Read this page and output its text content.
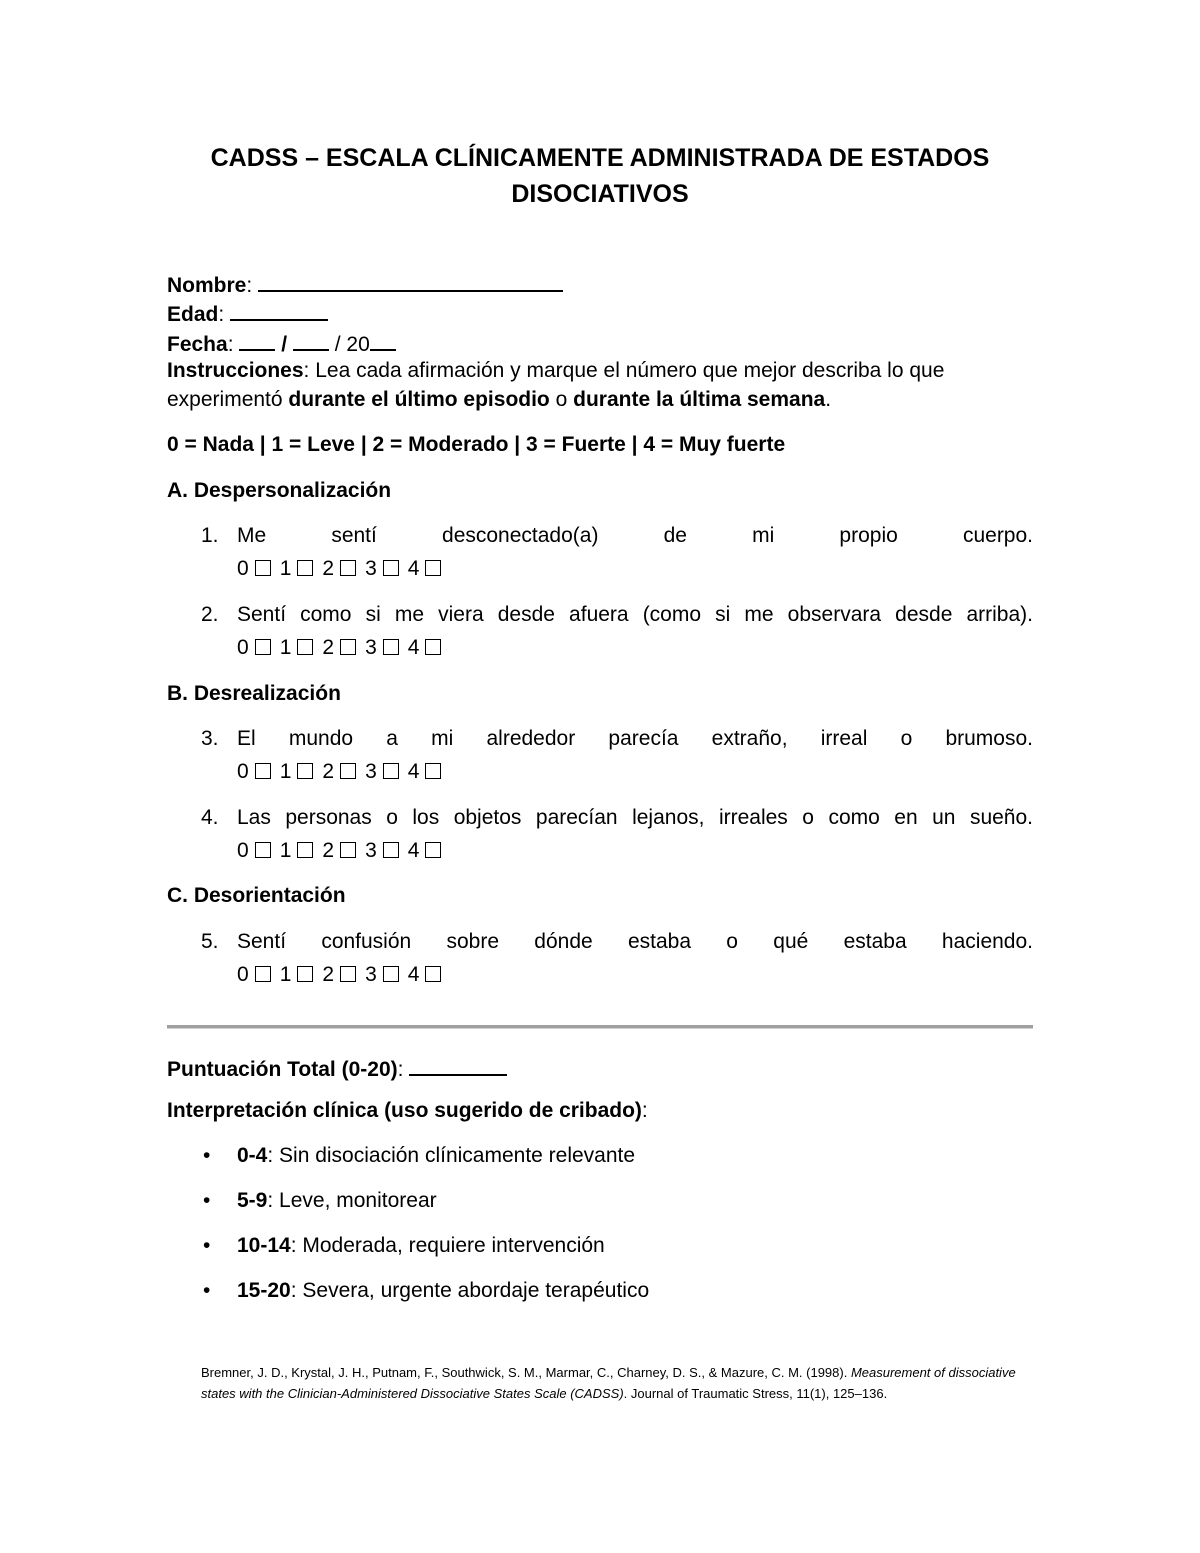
CADSS – ESCALA CLÍNICAMENTE ADMINISTRADA DE ESTADOS
DISOCIATIVOS
Nombre:
Edad:
Fecha: / / 20
Instrucciones: Lea cada afirmación y marque el número que mejor describa lo que
experimentó durante el último episodio o durante la última semana.
0 = Nada | 1 = Leve | 2 = Moderado | 3 = Fuerte | 4 = Muy fuerte
A. Despersonalización
1. Me sentí desconectado(a) de mi propio cuerpo.
0 1 2 3 4
2. Sentí como si me viera desde afuera (como si me observara desde arriba).
0 1 2 3 4
B. Desrealización
3. El mundo a mi alrededor parecía extraño, irreal o brumoso.
0 1 2 3 4
4. Las personas o los objetos parecían lejanos, irreales o como en un sueño.
0 1 2 3 4
C. Desorientación
5. Sentí confusión sobre dónde estaba o qué estaba haciendo.
0 1 2 3 4
Puntuación Total (0-20):
Interpretación clínica (uso sugerido de cribado):
• 0-4: Sin disociación clínicamente relevante
• 5-9: Leve, monitorear
• 10-14: Moderada, requiere intervención
• 15-20: Severa, urgente abordaje terapéutico
Bremner, J. D., Krystal, J. H., Putnam, F., Southwick, S. M., Marmar, C., Charney, D. S., & Mazure, C. M. (1998). Measurement of dissociative states with the Clinician-Administered Dissociative States Scale (CADSS). Journal of Traumatic Stress, 11(1), 125–136.
